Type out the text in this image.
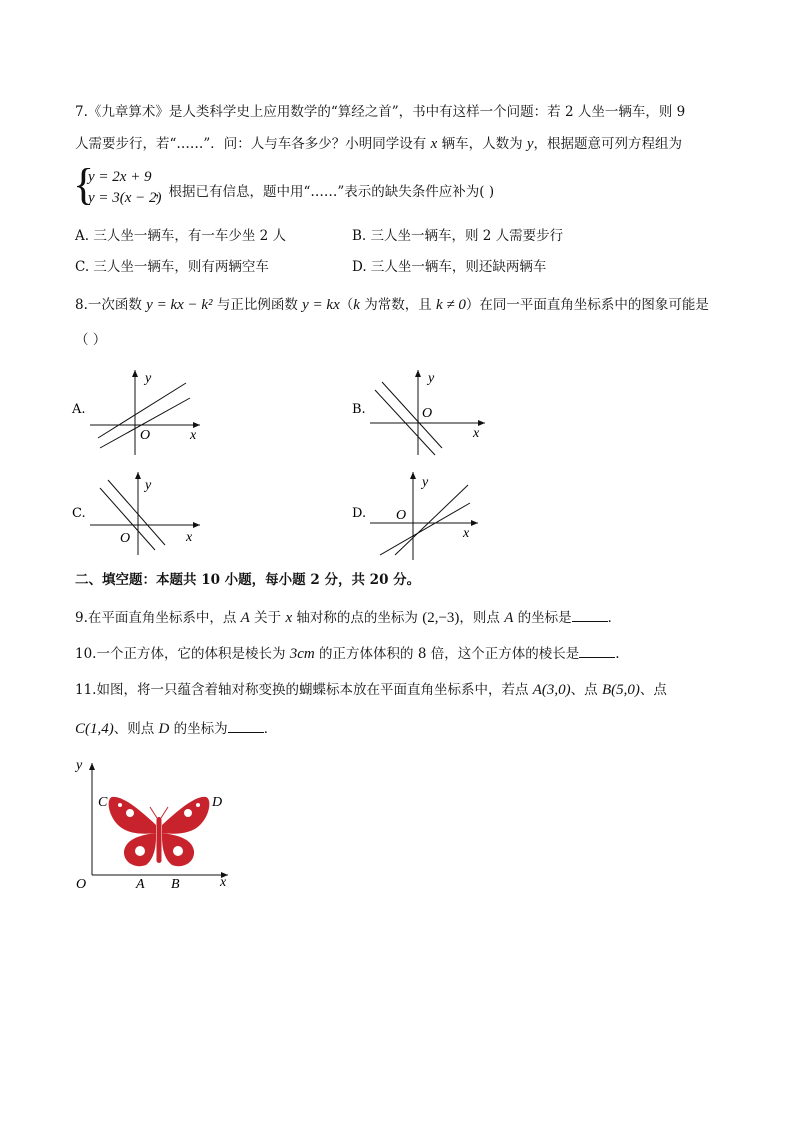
7.《九章算术》是人类科学史上应用数学的“算经之首”，书中有这样一个问题：若 2 人坐一辆车，则 9
人需要步行，若“……”．问：人与车各多少？小明同学设有 x 辆车，人数为 y，根据题意可列方程组为
{
y = 2x + 9
y = 3(x − 2)
，根据已有信息，题中用“……”表示的缺失条件应补为( )
A. 三人坐一辆车，有一车少坐 2 人	B. 三人坐一辆车，则 2 人需要步行
C. 三人坐一辆车，则有两辆空车	D. 三人坐一辆车，则还缺两辆车
8.一次函数 y = kx − k² 与正比例函数 y = kx（k 为常数，且 k ≠ 0）在同一平面直角坐标系中的图象可能是
（ ）
y
x
O
A.
y
x
O
B.
y
x
O
C.
y
x
O
D.
二、填空题：本题共 10 小题，每小题 2 分，共 20 分。
9.在平面直角坐标系中，点 A 关于 x 轴对称的点的坐标为 (2,−3)，则点 A 的坐标是	．
10.一个正方体，它的体积是棱长为 3cm 的正方体体积的 8 倍，这个正方体的棱长是	.
11.如图，将一只蕴含着轴对称变换的蝴蝶标本放在平面直角坐标系中，若点 A(3,0)、点 B(5,0)、点
C(1,4)、则点 D 的坐标为	．
y
x
O	A B
C	D
